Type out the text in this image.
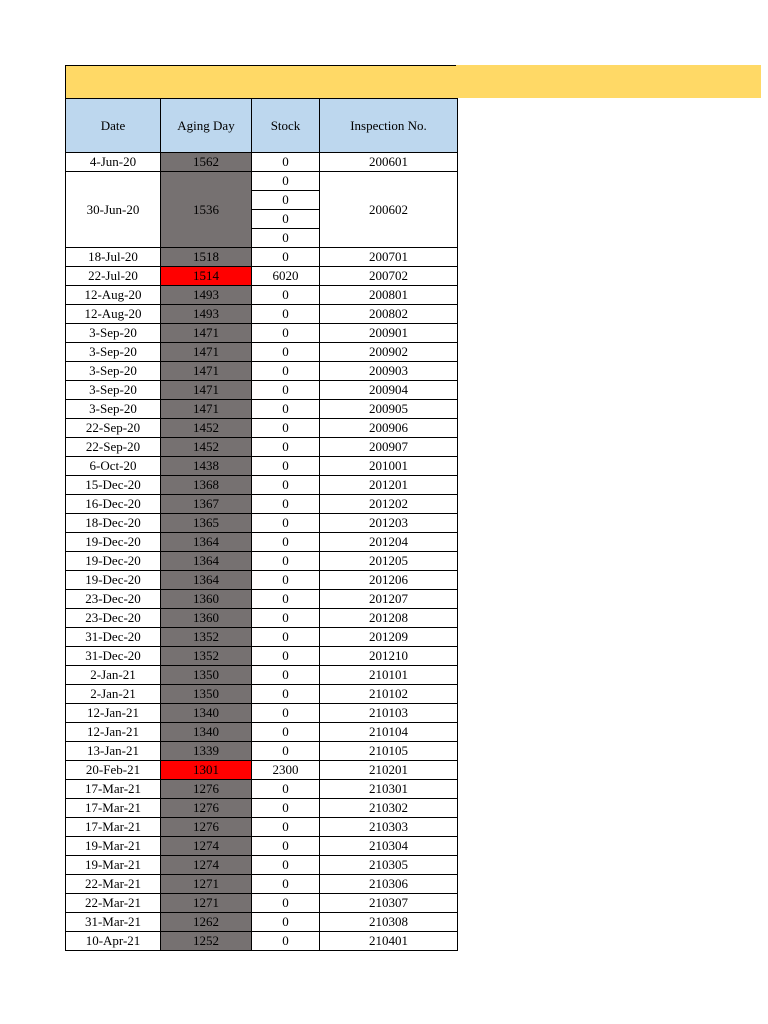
Date	Aging Day	Stock	Inspection No.
4-Jun-20	1562	0	200601
30-Jun-20	1536	0	200602
		0	
		0	
		0	
18-Jul-20	1518	0	200701
22-Jul-20	1514	6020	200702
12-Aug-20	1493	0	200801
12-Aug-20	1493	0	200802
3-Sep-20	1471	0	200901
3-Sep-20	1471	0	200902
3-Sep-20	1471	0	200903
3-Sep-20	1471	0	200904
3-Sep-20	1471	0	200905
22-Sep-20	1452	0	200906
22-Sep-20	1452	0	200907
6-Oct-20	1438	0	201001
15-Dec-20	1368	0	201201
16-Dec-20	1367	0	201202
18-Dec-20	1365	0	201203
19-Dec-20	1364	0	201204
19-Dec-20	1364	0	201205
19-Dec-20	1364	0	201206
23-Dec-20	1360	0	201207
23-Dec-20	1360	0	201208
31-Dec-20	1352	0	201209
31-Dec-20	1352	0	201210
2-Jan-21	1350	0	210101
2-Jan-21	1350	0	210102
12-Jan-21	1340	0	210103
12-Jan-21	1340	0	210104
13-Jan-21	1339	0	210105
20-Feb-21	1301	2300	210201
17-Mar-21	1276	0	210301
17-Mar-21	1276	0	210302
17-Mar-21	1276	0	210303
19-Mar-21	1274	0	210304
19-Mar-21	1274	0	210305
22-Mar-21	1271	0	210306
22-Mar-21	1271	0	210307
31-Mar-21	1262	0	210308
10-Apr-21	1252	0	210401
